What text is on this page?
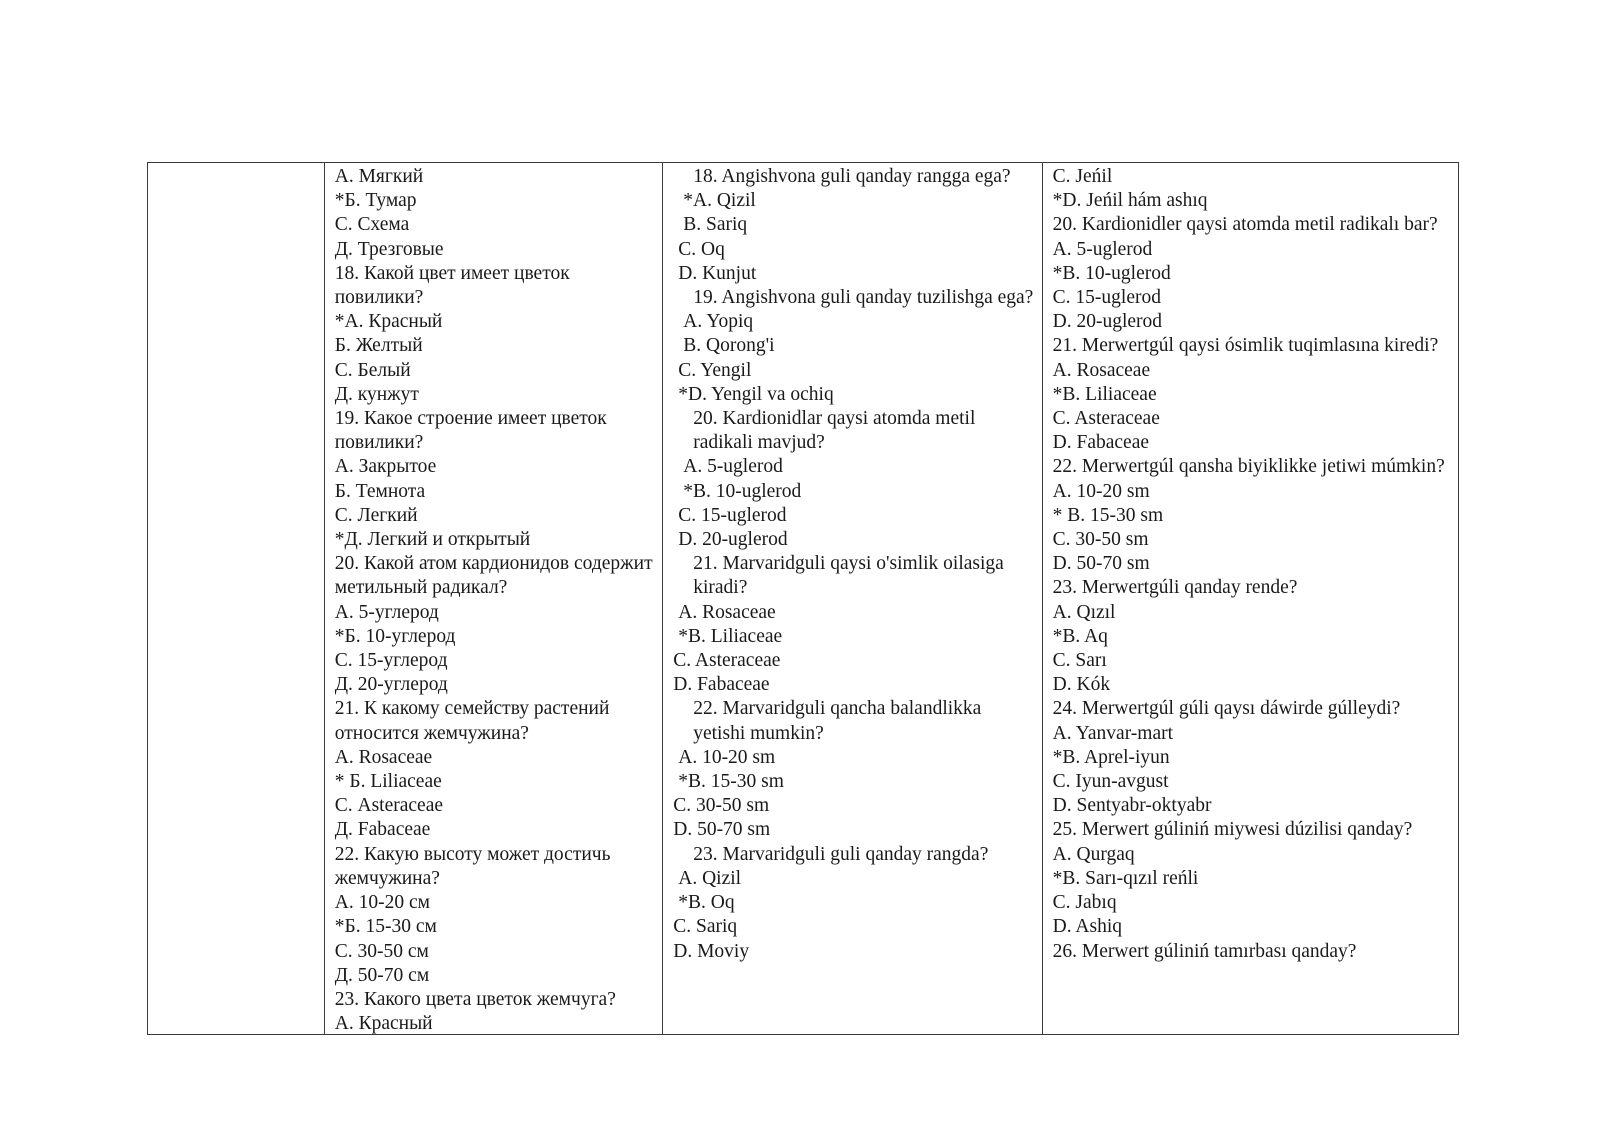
А. Мягкий
*Б. Тумар
С. Схема
Д. Трезговые
18. Какой цвет имеет цветок повилики?
*А. Красный
Б. Желтый
С. Белый
Д. кунжут
19. Какое строение имеет цветок повилики?
А. Закрытое
Б. Темнота
С. Легкий
*Д. Легкий и открытый
20. Какой атом кардионидов содержит метильный радикал?
А. 5-углерод
*Б. 10-углерод
С. 15-углерод
Д. 20-углерод
21. К какому семейству растений относится жемчужина?
А. Rosaceae
* Б. Liliaceae
С. Asteraceae
Д. Fabaceae
22. Какую высоту может достичь жемчужина?
А. 10-20 см
*Б. 15-30 см
С. 30-50 см
Д. 50-70 см
23. Какого цвета цветок жемчуга?
А. Красный
18. Angishvona guli qanday rangga ega?
*A. Qizil
B. Sariq
C. Oq
D. Kunjut
19. Angishvona guli qanday tuzilishga ega?
A. Yopiq
B. Qorong'i
C. Yengil
*D. Yengil va ochiq
20. Kardionidlar qaysi atomda metil radikali mavjud?
A. 5-uglerod
*B. 10-uglerod
C. 15-uglerod
D. 20-uglerod
21. Marvaridguli qaysi o'simlik oilasiga kiradi?
A. Rosaceae
*B. Liliaceae
C. Asteraceae
D. Fabaceae
22. Marvaridguli qancha balandlikka yetishi mumkin?
A. 10-20 sm
*B. 15-30 sm
C. 30-50 sm
D. 50-70 sm
23. Marvaridguli guli qanday rangda?
A. Qizil
*B. Oq
C. Sariq
D. Moviy
C. Jeńil
*D. Jeńil hám ashıq
20. Kardionidler qaysi atomda metil radikalı bar?
A. 5-uglerod
*B. 10-uglerod
C. 15-uglerod
D. 20-uglerod
21. Merwertgúl qaysi ósimlik tuqimlasına kiredi?
A. Rosaceae
*B. Liliaceae
C. Asteraceae
D. Fabaceae
22. Merwertgúl qansha biyiklikke jetiwi múmkin?
A. 10-20 sm
* B. 15-30 sm
C. 30-50 sm
D. 50-70 sm
23. Merwertgúli qanday rende?
A. Qızıl
*B. Aq
C. Sarı
D. Kók
24. Merwertgúl gúli qaysı dáwirde gúlleydi?
A. Yanvar-mart
*B. Aprel-iyun
C. Iyun-avgust
D. Sentyabr-oktyabr
25. Merwert gúliniń miywesi dúzilisi qanday?
A. Qurgaq
*B. Sarı-qızıl reńli
C. Jabıq
D. Ashiq
26. Merwert gúliniń tamırbası qanday?
